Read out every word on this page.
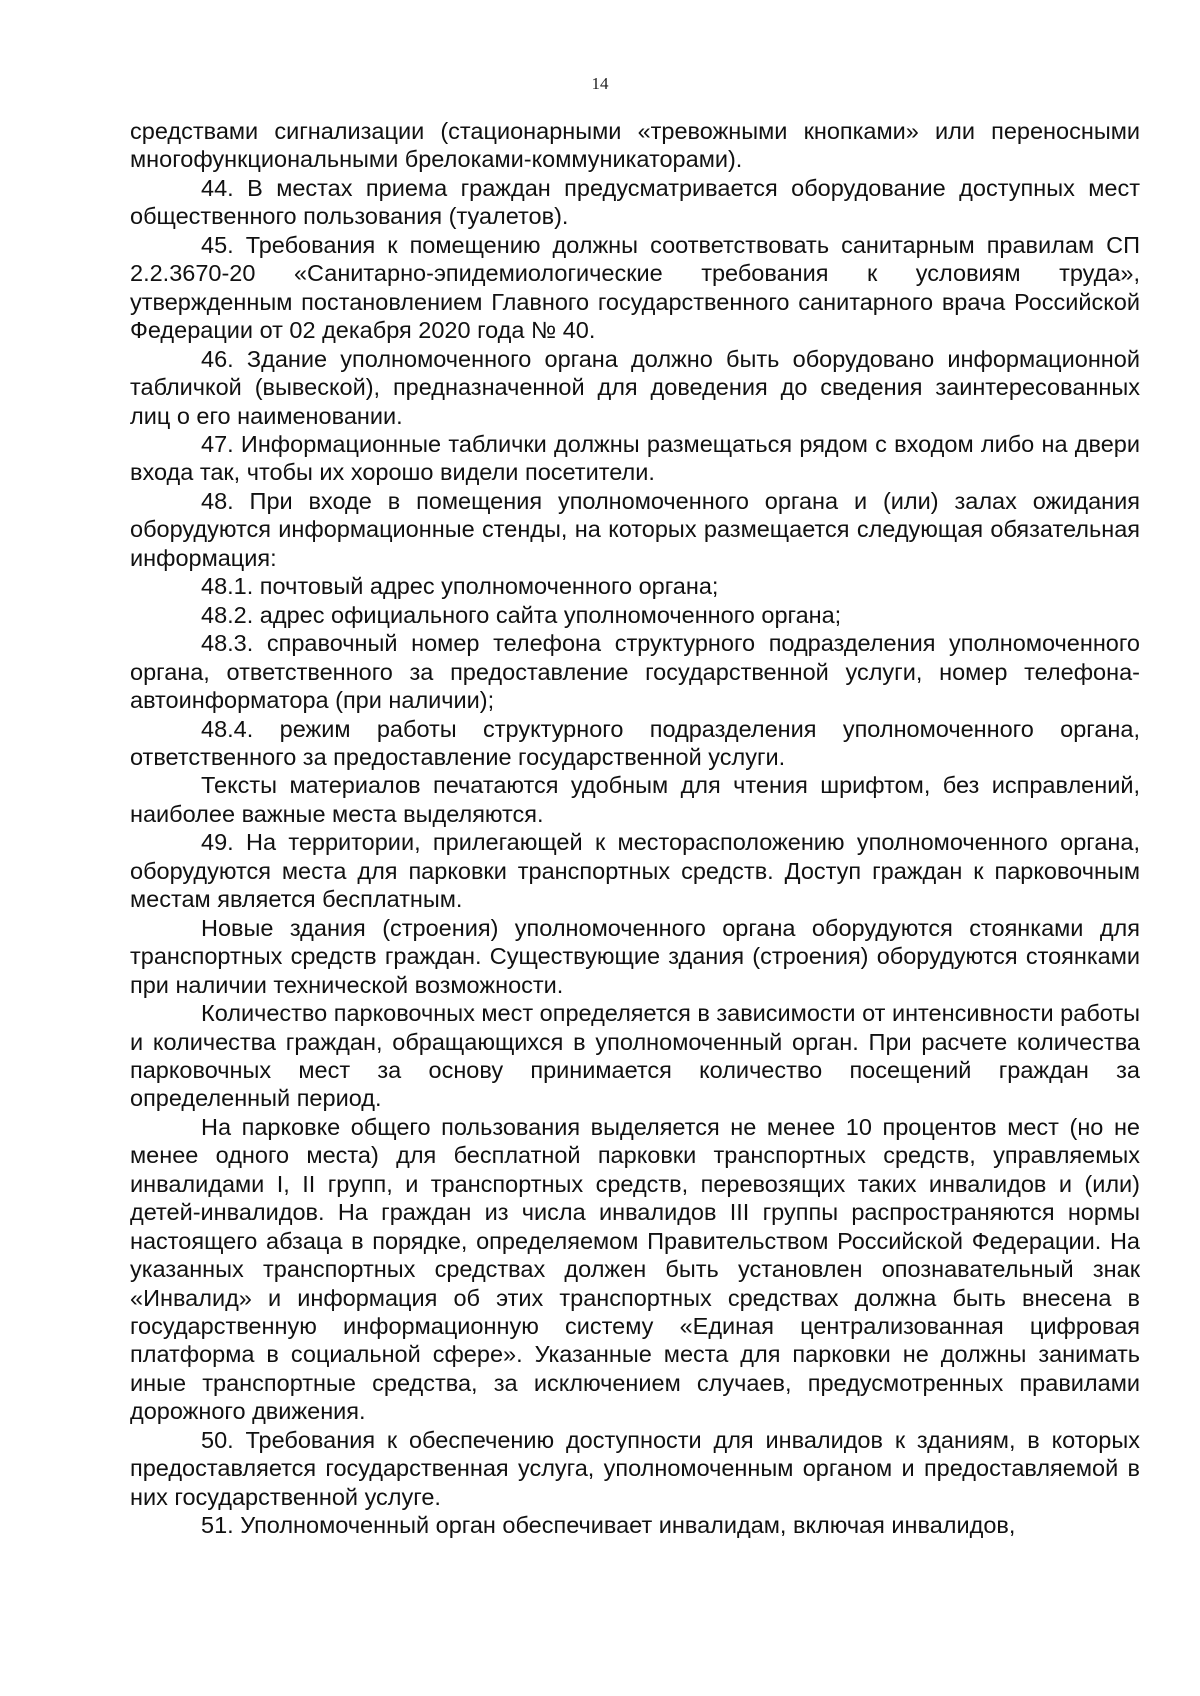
14

средствами сигнализации (стационарными «тревожными кнопками» или переносными многофункциональными брелоками-коммуникаторами).

44. В местах приема граждан предусматривается оборудование доступных мест общественного пользования (туалетов).

45. Требования к помещению должны соответствовать санитарным правилам СП 2.2.3670-20 «Санитарно-эпидемиологические требования к условиям труда», утвержденным постановлением Главного государственного санитарного врача Российской Федерации от 02 декабря 2020 года № 40.

46. Здание уполномоченного органа должно быть оборудовано информационной табличкой (вывеской), предназначенной для доведения до сведения заинтересованных лиц о его наименовании.

47. Информационные таблички должны размещаться рядом с входом либо на двери входа так, чтобы их хорошо видели посетители.

48. При входе в помещения уполномоченного органа и (или) залах ожидания оборудуются информационные стенды, на которых размещается следующая обязательная информация:

48.1. почтовый адрес уполномоченного органа;

48.2. адрес официального сайта уполномоченного органа;

48.3. справочный номер телефона структурного подразделения уполномоченного органа, ответственного за предоставление государственной услуги, номер телефона-автоинформатора (при наличии);

48.4. режим работы структурного подразделения уполномоченного органа, ответственного за предоставление государственной услуги.

Тексты материалов печатаются удобным для чтения шрифтом, без исправлений, наиболее важные места выделяются.

49. На территории, прилегающей к месторасположению уполномоченного органа, оборудуются места для парковки транспортных средств. Доступ граждан к парковочным местам является бесплатным.

Новые здания (строения) уполномоченного органа оборудуются стоянками для транспортных средств граждан. Существующие здания (строения) оборудуются стоянками при наличии технической возможности.

Количество парковочных мест определяется в зависимости от интенсивности работы и количества граждан, обращающихся в уполномоченный орган. При расчете количества парковочных мест за основу принимается количество посещений граждан за определенный период.

На парковке общего пользования выделяется не менее 10 процентов мест (но не менее одного места) для бесплатной парковки транспортных средств, управляемых инвалидами I, II групп, и транспортных средств, перевозящих таких инвалидов и (или) детей-инвалидов. На граждан из числа инвалидов III группы распространяются нормы настоящего абзаца в порядке, определяемом Правительством Российской Федерации. На указанных транспортных средствах должен быть установлен опознавательный знак «Инвалид» и информация об этих транспортных средствах должна быть внесена в государственную информационную систему «Единая централизованная цифровая платформа в социальной сфере». Указанные места для парковки не должны занимать иные транспортные средства, за исключением случаев, предусмотренных правилами дорожного движения.

50. Требования к обеспечению доступности для инвалидов к зданиям, в которых предоставляется государственная услуга, уполномоченным органом и предоставляемой в них государственной услуге.

51. Уполномоченный орган обеспечивает инвалидам, включая инвалидов,
